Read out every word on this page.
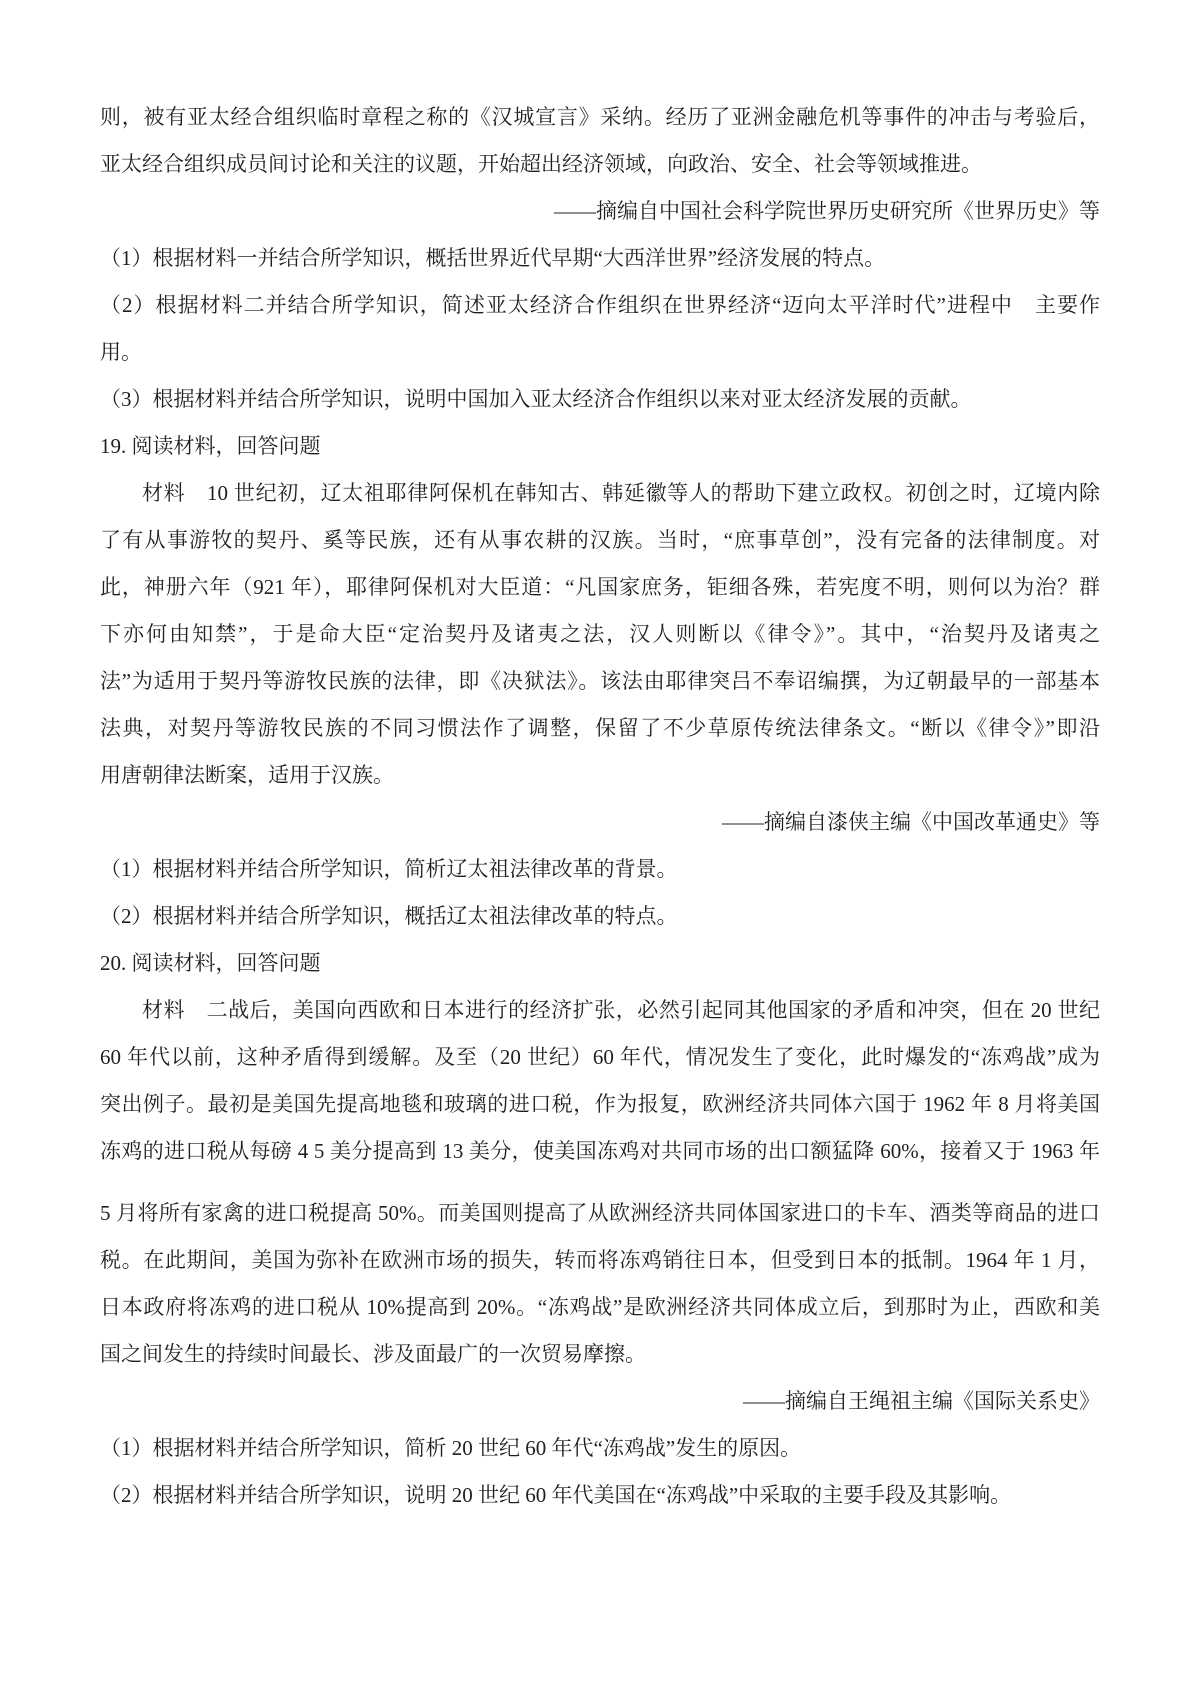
则，被有亚太经合组织临时章程之称的《汉城宣言》采纳。经历了亚洲金融危机等事件的冲击与考验后，
亚太经合组织成员间讨论和关注的议题，开始超出经济领域，向政治、安全、社会等领域推进。
——摘编自中国社会科学院世界历史研究所《世界历史》等
（1）根据材料一并结合所学知识，概括世界近代早期“大西洋世界”经济发展的特点。
（2）根据材料二并结合所学知识，简述亚太经济合作组织在世界经济“迈向太平洋时代”进程中　主要作
用。
（3）根据材料并结合所学知识，说明中国加入亚太经济合作组织以来对亚太经济发展的贡献。
19. 阅读材料，回答问题
材料　10 世纪初，辽太祖耶律阿保机在韩知古、韩延徽等人的帮助下建立政权。初创之时，辽境内除
了有从事游牧的契丹、奚等民族，还有从事农耕的汉族。当时，“庶事草创”，没有完备的法律制度。对
此，神册六年（921 年），耶律阿保机对大臣道：“凡国家庶务，钜细各殊，若宪度不明，则何以为治？群
下亦何由知禁”，于是命大臣“定治契丹及诸夷之法，汉人则断以《律令》”。其中，“治契丹及诸夷之
法”为适用于契丹等游牧民族的法律，即《决狱法》。该法由耶律突吕不奉诏编撰，为辽朝最早的一部基本
法典，对契丹等游牧民族的不同习惯法作了调整，保留了不少草原传统法律条文。“断以《律令》”即沿
用唐朝律法断案，适用于汉族。
——摘编自漆侠主编《中国改革通史》等
（1）根据材料并结合所学知识，简析辽太祖法律改革的背景。
（2）根据材料并结合所学知识，概括辽太祖法律改革的特点。
20. 阅读材料，回答问题
材料　二战后，美国向西欧和日本进行的经济扩张，必然引起同其他国家的矛盾和冲突，但在 20 世纪
60 年代以前，这种矛盾得到缓解。及至（20 世纪）60 年代，情况发生了变化，此时爆发的“冻鸡战”成为
突出例子。最初是美国先提高地毯和玻璃的进口税，作为报复，欧洲经济共同体六国于 1962 年 8 月将美国
冻鸡的进口税从每磅 4 5 美分提高到 13 美分，使美国冻鸡对共同市场的出口额猛降 60%，接着又于 1963 年
5 月将所有家禽的进口税提高 50%。而美国则提高了从欧洲经济共同体国家进口的卡车、酒类等商品的进口
税。在此期间，美国为弥补在欧洲市场的损失，转而将冻鸡销往日本，但受到日本的抵制。1964 年 1 月，
日本政府将冻鸡的进口税从 10%提高到 20%。“冻鸡战”是欧洲经济共同体成立后，到那时为止，西欧和美
国之间发生的持续时间最长、涉及面最广的一次贸易摩擦。
——摘编自王绳祖主编《国际关系史》
（1）根据材料并结合所学知识，简析 20 世纪 60 年代“冻鸡战”发生的原因。
（2）根据材料并结合所学知识，说明 20 世纪 60 年代美国在“冻鸡战”中采取的主要手段及其影响。
